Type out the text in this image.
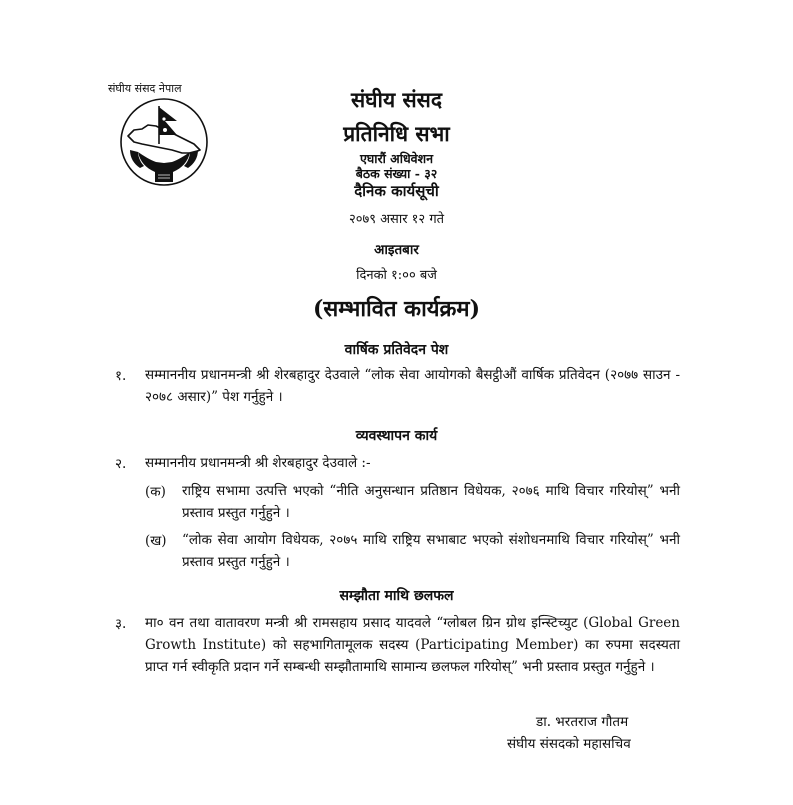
संघीय संसद नेपाल	संघीय संसद
प्रतिनिधि सभा
एघारौं अधिवेशन
बैठक संख्या - ३२
दैनिक कार्यसूची
२०७९ असार १२ गते
आइतबार
दिनको १:०० बजे
(सम्भावित कार्यक्रम)
वार्षिक प्रतिवेदन पेश
१. सम्माननीय प्रधानमन्त्री श्री शेरबहादुर देउवाले “लोक सेवा आयोगको बैसट्ठीऔं वार्षिक प्रतिवेदन (२०७७ साउन - २०७८ असार)” पेश गर्नुहुने ।
व्यवस्थापन कार्य
२. सम्माननीय प्रधानमन्त्री श्री शेरबहादुर देउवाले :-
(क) राष्ट्रिय सभामा उत्पत्ति भएको “नीति अनुसन्धान प्रतिष्ठान विधेयक, २०७६ माथि विचार गरियोस्” भनी प्रस्ताव प्रस्तुत गर्नुहुने ।
(ख) “लोक सेवा आयोग विधेयक, २०७५ माथि राष्ट्रिय सभाबाट भएको संशोधनमाथि विचार गरियोस्” भनी प्रस्ताव प्रस्तुत गर्नुहुने ।
सम्झौता माथि छलफल
३. मा० वन तथा वातावरण मन्त्री श्री रामसहाय प्रसाद यादवले “ग्लोबल ग्रिन ग्रोथ इन्स्टिच्युट (Global Green Growth Institute) को सहभागितामूलक सदस्य (Participating Member) का रुपमा सदस्यता प्राप्त गर्न स्वीकृति प्रदान गर्ने सम्बन्धी सम्झौतामाथि सामान्य छलफल गरियोस्” भनी प्रस्ताव प्रस्तुत गर्नुहुने ।
डा. भरतराज गौतम
संघीय संसदको महासचिव
